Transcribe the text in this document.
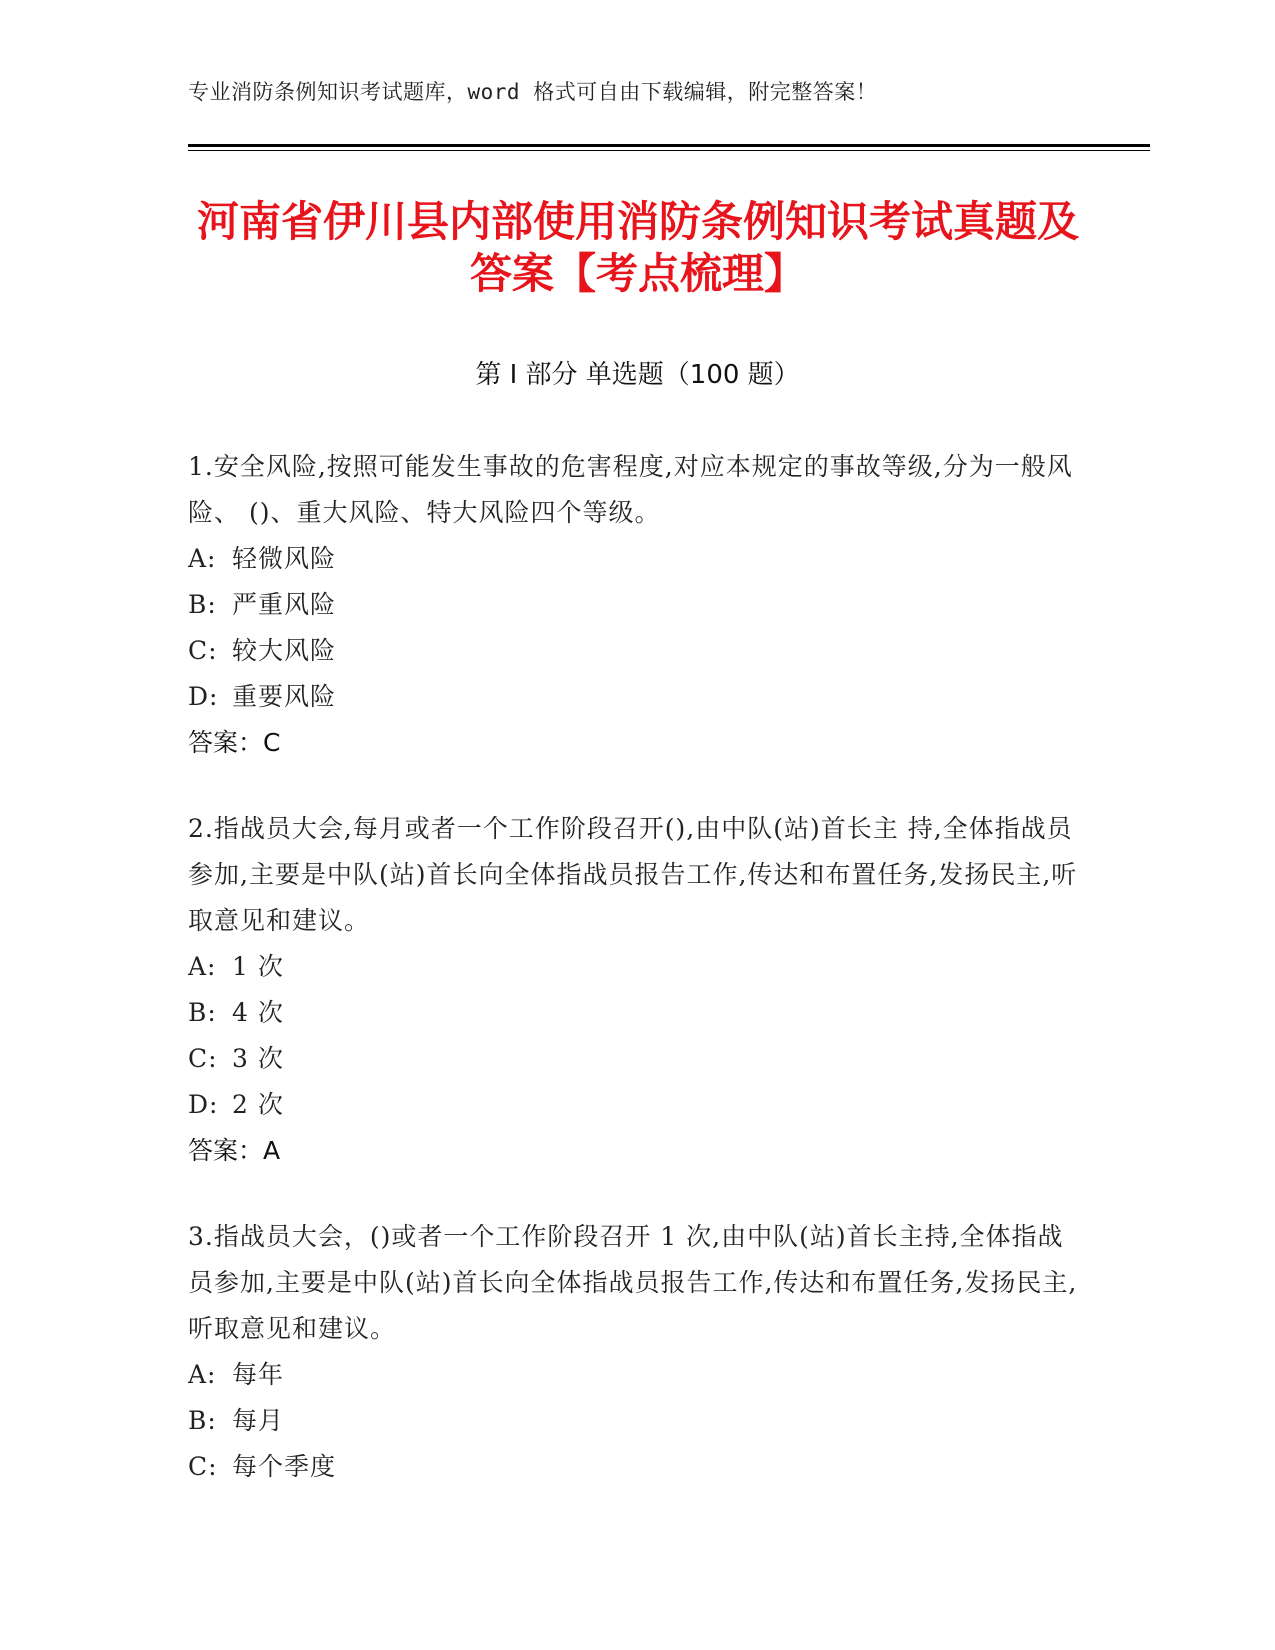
专业消防条例知识考试题库，word 格式可自由下载编辑，附完整答案！
河南省伊川县内部使用消防条例知识考试真题及答案【考点梳理】
第 I 部分 单选题（100 题）
1.安全风险,按照可能发生事故的危害程度,对应本规定的事故等级,分为一般风险、 ()、重大风险、特大风险四个等级。
A: 轻微风险
B: 严重风险
C: 较大风险
D: 重要风险
答案：C
2.指战员大会,每月或者一个工作阶段召开(),由中队(站)首长主 持,全体指战员参加,主要是中队(站)首长向全体指战员报告工作,传达和布置任务,发扬民主,听取意见和建议。
A: 1 次
B: 4 次
C: 3 次
D: 2 次
答案：A
3.指战员大会，()或者一个工作阶段召开 1 次,由中队(站)首长主持,全体指战员参加,主要是中队(站)首长向全体指战员报告工作,传达和布置任务,发扬民主,听取意见和建议。
A: 每年
B: 每月
C: 每个季度
